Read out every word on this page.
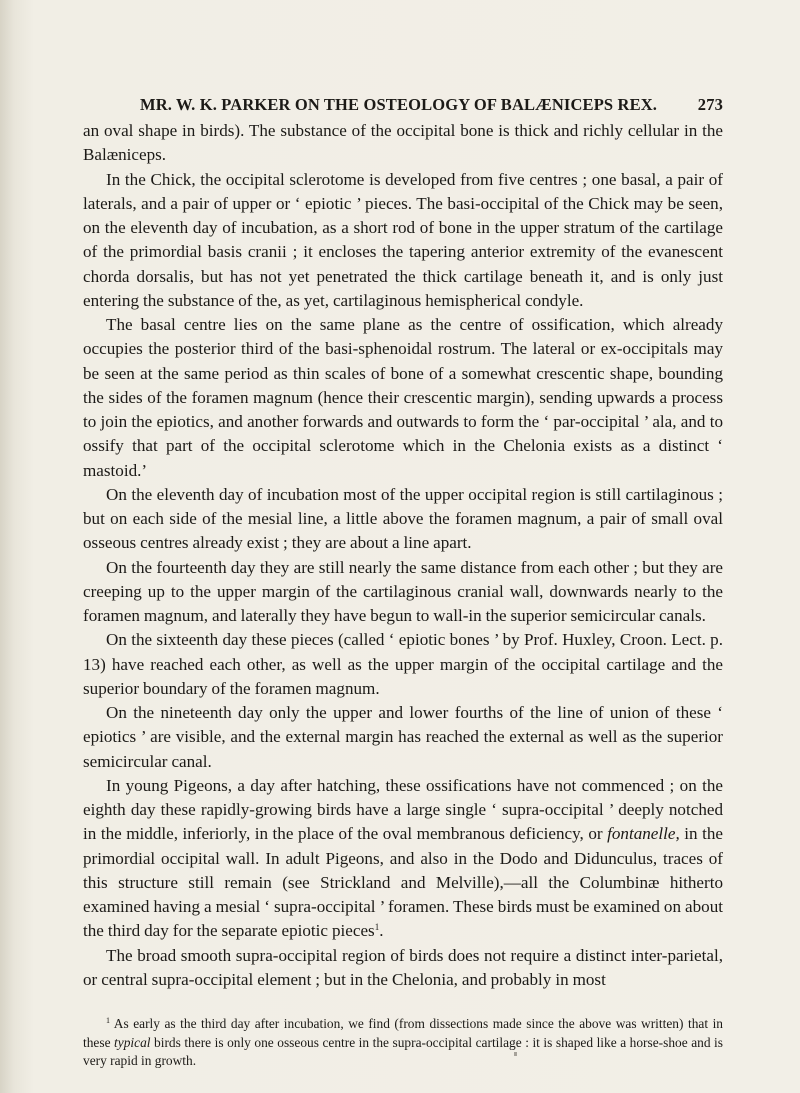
MR. W. K. PARKER ON THE OSTEOLOGY OF BALÆNICEPS REX. 273

an oval shape in birds). The substance of the occipital bone is thick and richly cellular in the Balæniceps.

In the Chick, the occipital sclerotome is developed from five centres ; one basal, a pair of laterals, and a pair of upper or ‘ epiotic ’ pieces. The basi-occipital of the Chick may be seen, on the eleventh day of incubation, as a short rod of bone in the upper stratum of the cartilage of the primordial basis cranii ; it encloses the tapering anterior extremity of the evanescent chorda dorsalis, but has not yet penetrated the thick cartilage beneath it, and is only just entering the substance of the, as yet, cartilaginous hemispherical condyle.

The basal centre lies on the same plane as the centre of ossification, which already occupies the posterior third of the basi-sphenoidal rostrum. The lateral or ex-occipitals may be seen at the same period as thin scales of bone of a somewhat crescentic shape, bounding the sides of the foramen magnum (hence their crescentic margin), sending upwards a process to join the epiotics, and another forwards and outwards to form the ‘ par-occipital ’ ala, and to ossify that part of the occipital sclerotome which in the Chelonia exists as a distinct ‘ mastoid.’

On the eleventh day of incubation most of the upper occipital region is still cartilaginous ; but on each side of the mesial line, a little above the foramen magnum, a pair of small oval osseous centres already exist ; they are about a line apart.

On the fourteenth day they are still nearly the same distance from each other ; but they are creeping up to the upper margin of the cartilaginous cranial wall, downwards nearly to the foramen magnum, and laterally they have begun to wall-in the superior semicircular canals.

On the sixteenth day these pieces (called ‘ epiotic bones ’ by Prof. Huxley, Croon. Lect. p. 13) have reached each other, as well as the upper margin of the occipital cartilage and the superior boundary of the foramen magnum.

On the nineteenth day only the upper and lower fourths of the line of union of these ‘ epiotics ’ are visible, and the external margin has reached the external as well as the superior semicircular canal.

In young Pigeons, a day after hatching, these ossifications have not commenced ; on the eighth day these rapidly-growing birds have a large single ‘ supra-occipital ’ deeply notched in the middle, inferiorly, in the place of the oval membranous deficiency, or fontanelle, in the primordial occipital wall. In adult Pigeons, and also in the Dodo and Didunculus, traces of this structure still remain (see Strickland and Melville),—all the Columbinæ hitherto examined having a mesial ‘ supra-occipital ’ foramen. These birds must be examined on about the third day for the separate epiotic pieces$^1$.

The broad smooth supra-occipital region of birds does not require a distinct inter-parietal, or central supra-occipital element ; but in the Chelonia, and probably in most

$^1$ As early as the third day after incubation, we find (from dissections made since the above was written) that in these typical birds there is only one osseous centre in the supra-occipital cartilage : it is shaped like a horse-shoe and is very rapid in growth.
